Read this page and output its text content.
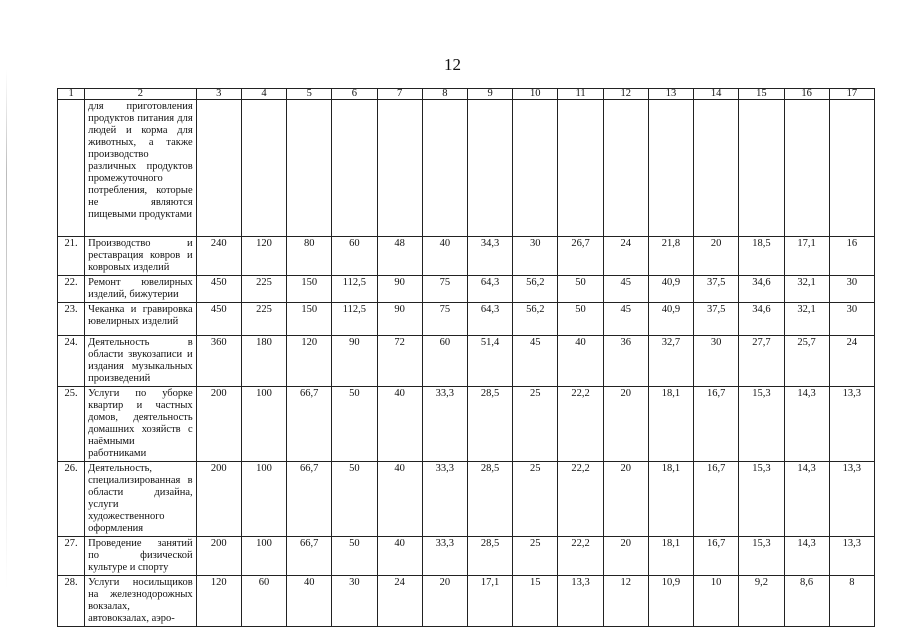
12
1	2	3	4	5	6	7	8	9	10	11	12	13	14	15	16	17
	для приготовления продуктов питания для людей и корма для животных, а также производство различных продуктов промежуточного потребления, которые не являются пищевыми продуктами															
21.	Производство и реставрация ковров и ковровых изделий	240	120	80	60	48	40	34,3	30	26,7	24	21,8	20	18,5	17,1	16
22.	Ремонт ювелирных изделий, бижутерии	450	225	150	112,5	90	75	64,3	56,2	50	45	40,9	37,5	34,6	32,1	30
23.	Чеканка и гравировка ювелирных изделий	450	225	150	112,5	90	75	64,3	56,2	50	45	40,9	37,5	34,6	32,1	30
24.	Деятельность в области звукозаписи и издания музыкальных произведений	360	180	120	90	72	60	51,4	45	40	36	32,7	30	27,7	25,7	24
25.	Услуги по уборке квартир и частных домов, деятельность домашних хозяйств с наёмными работниками	200	100	66,7	50	40	33,3	28,5	25	22,2	20	18,1	16,7	15,3	14,3	13,3
26.	Деятельность, специализированная в области дизайна, услуги художественного оформления	200	100	66,7	50	40	33,3	28,5	25	22,2	20	18,1	16,7	15,3	14,3	13,3
27.	Проведение занятий по физической культуре и спорту	200	100	66,7	50	40	33,3	28,5	25	22,2	20	18,1	16,7	15,3	14,3	13,3
28.	Услуги носильщиков на железнодорожных вокзалах, автовокзалах, аэро-	120	60	40	30	24	20	17,1	15	13,3	12	10,9	10	9,2	8,6	8
